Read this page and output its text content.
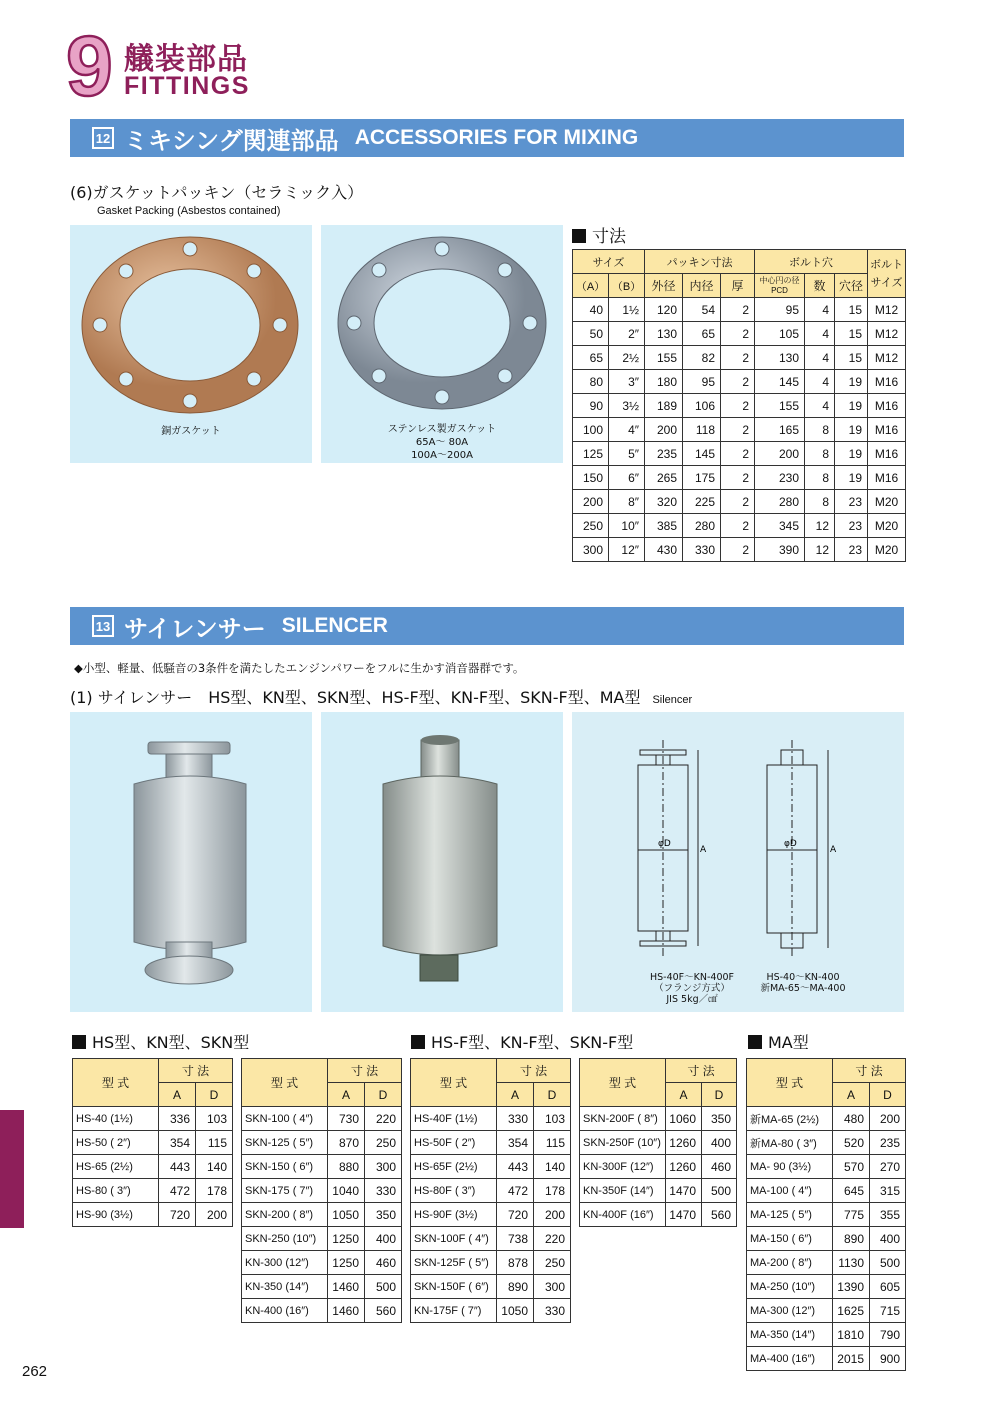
9 艤装部品
FITTINGS
12 ミキシング関連部品 ACCESSORIES FOR MIXING
(6)ガスケットパッキン（セラミック入）
Gasket Packing (Asbestos contained)
銅ガスケット	ステンレス製ガスケット
65A～ 80A
100A～200A
寸法
サイズ		パッキン寸法			ボルト穴			ボルトサイズ
（A）	（B）	外径	内径	厚	中心円の径PCD	数	穴径	
40	1½	120	54	2	95	4	15	M12
50	2″	130	65	2	105	4	15	M12
65	2½	155	82	2	130	4	15	M12
80	3″	180	95	2	145	4	19	M16
90	3½	189	106	2	155	4	19	M16
100	4″	200	118	2	165	8	19	M16
125	5″	235	145	2	200	8	19	M16
150	6″	265	175	2	230	8	19	M16
200	8″	320	225	2	280	8	23	M20
250	10″	385	280	2	345	12	23	M20
300	12″	430	330	2	390	12	23	M20
13 サイレンサー SILENCER
◆小型、軽量、低騒音の3条件を満たしたエンジンパワーをフルに生かす消音器群です。
(1) サイレンサー　HS型、KN型、SKN型、HS-F型、KN-F型、SKN-F型、MA型 Silencer
φD
A
φD
A
HS-40F～KN-400F
（フランジ方式）
JIS 5kg／㎠
HS-40～KN-400
新MA-65～MA-400
HS型、KN型、SKN型	HS-F型、KN-F型、SKN-F型	MA型
型 式	寸 法	
	A	D
HS-40 (1½)	336	103
HS-50 ( 2″)	354	115
HS-65 (2½)	443	140
HS-80 ( 3″)	472	178
HS-90 (3½)	720	200
型 式	寸 法	
	A	D
SKN-100 ( 4″)	730	220
SKN-125 ( 5″)	870	250
SKN-150 ( 6″)	880	300
SKN-175 ( 7″)	1040	330
SKN-200 ( 8″)	1050	350
SKN-250 (10″)	1250	400
KN-300 (12″)	1250	460
KN-350 (14″)	1460	500
KN-400 (16″)	1460	560
型 式	寸 法	
	A	D
HS-40F (1½)	330	103
HS-50F ( 2″)	354	115
HS-65F (2½)	443	140
HS-80F ( 3″)	472	178
HS-90F (3½)	720	200
SKN-100F ( 4″)	738	220
SKN-125F ( 5″)	878	250
SKN-150F ( 6″)	890	300
KN-175F ( 7″)	1050	330
型 式	寸 法	
	A	D
SKN-200F ( 8″)	1060	350
SKN-250F (10″)	1260	400
KN-300F (12″)	1260	460
KN-350F (14″)	1470	500
KN-400F (16″)	1470	560
型 式	寸 法	
	A	D
新MA-65 (2½)	480	200
新MA-80 ( 3″)	520	235
MA- 90 (3½)	570	270
MA-100 ( 4″)	645	315
MA-125 ( 5″)	775	355
MA-150 ( 6″)	890	400
MA-200 ( 8″)	1130	500
MA-250 (10″)	1390	605
MA-300 (12″)	1625	715
MA-350 (14″)	1810	790
MA-400 (16″)	2015	900
262
